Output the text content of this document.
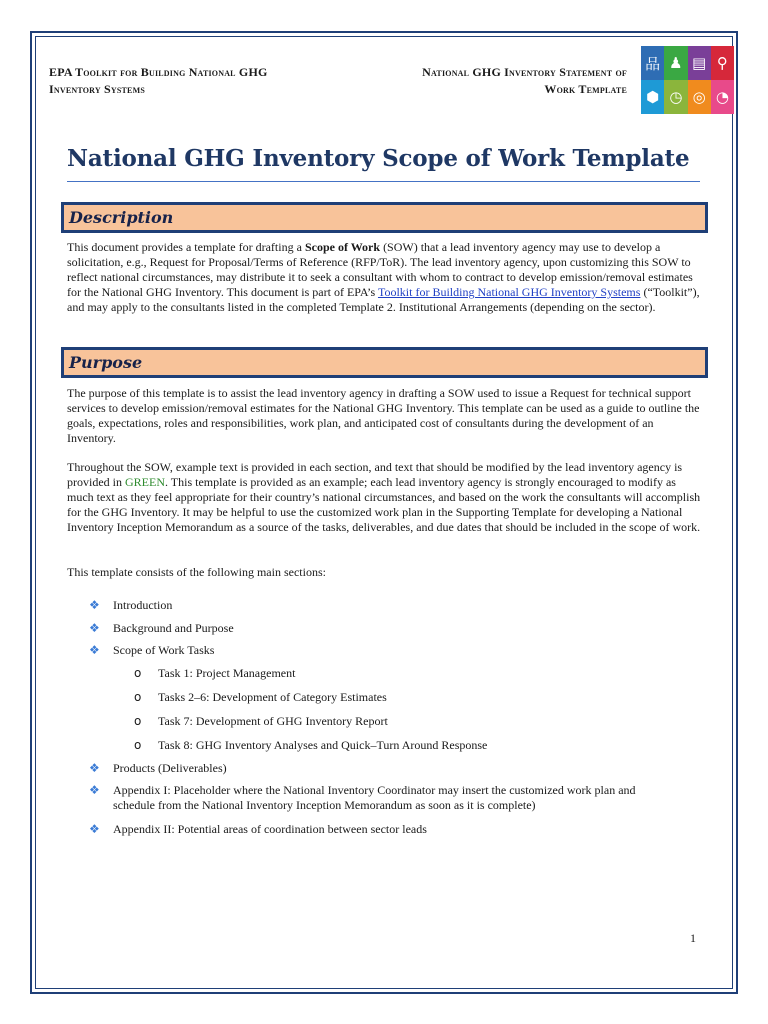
EPA Toolkit for Building National GHG
Inventory Systems
National GHG Inventory Statement of
Work Template
品 ♟ ▤ ⚲
⬢ ◷ ◎ ◔
National GHG Inventory Scope of Work Template
Description
This document provides a template for drafting a Scope of Work (SOW) that a lead inventory agency may use to develop a solicitation, e.g., Request for Proposal/Terms of Reference (RFP/ToR). The lead inventory agency, upon customizing this SOW to reflect national circumstances, may distribute it to seek a consultant with whom to contract to develop emission/removal estimates for the National GHG Inventory. This document is part of EPA’s Toolkit for Building National GHG Inventory Systems (“Toolkit”), and may apply to the consultants listed in the completed Template 2. Institutional Arrangements (depending on the sector).
Purpose
The purpose of this template is to assist the lead inventory agency in drafting a SOW used to issue a Request for technical support services to develop emission/removal estimates for the National GHG Inventory. This template can be used as a guide to outline the goals, expectations, roles and responsibilities, work plan, and anticipated cost of consultants during the development of an Inventory.
Throughout the SOW, example text is provided in each section, and text that should be modified by the lead inventory agency is provided in GREEN. This template is provided as an example; each lead inventory agency is strongly encouraged to modify as much text as they feel appropriate for their country’s national circumstances, and based on the work the consultants will accomplish for the GHG Inventory. It may be helpful to use the customized work plan in the Supporting Template for developing a National Inventory Inception Memorandum as a source of the tasks, deliverables, and due dates that should be included in the scope of work.
This template consists of the following main sections:
❖ Introduction
❖ Background and Purpose
❖ Scope of Work Tasks
o Task 1: Project Management
o Tasks 2–6: Development of Category Estimates
o Task 7: Development of GHG Inventory Report
o Task 8: GHG Inventory Analyses and Quick–Turn Around Response
❖ Products (Deliverables)
❖ Appendix I: Placeholder where the National Inventory Coordinator may insert the customized work plan and schedule from the National Inventory Inception Memorandum as soon as it is complete)
❖ Appendix II: Potential areas of coordination between sector leads
1
